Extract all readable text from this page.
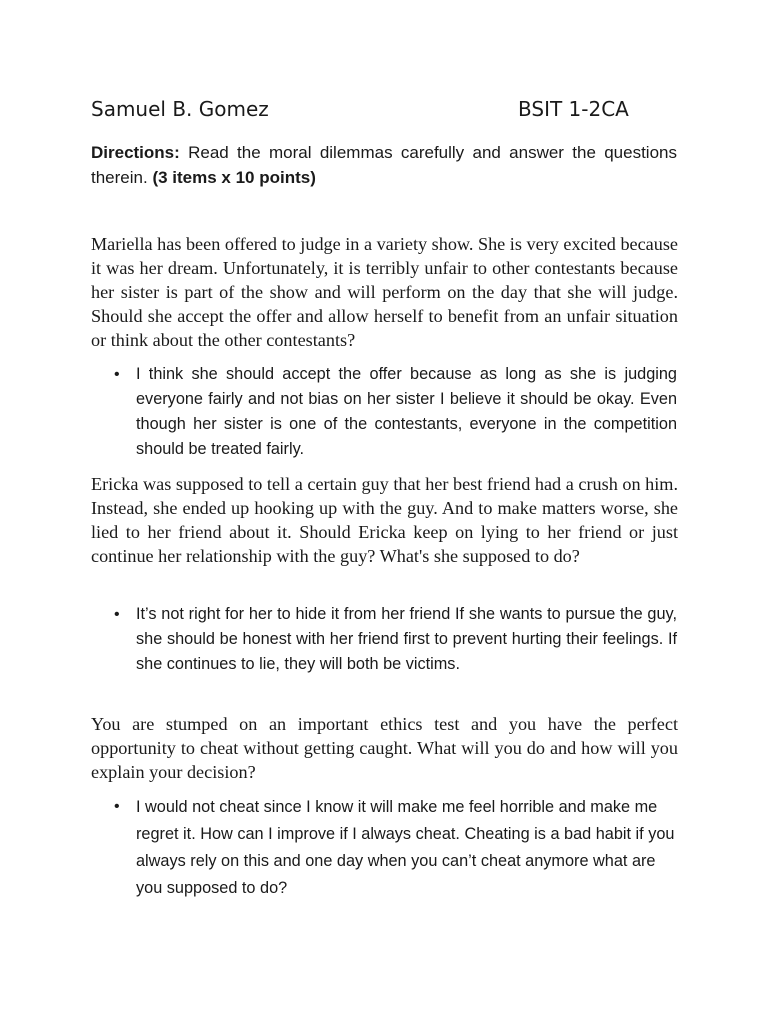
Samuel B. Gomez	BSIT 1-2CA
Directions: Read the moral dilemmas carefully and answer the questions therein. (3 items x 10 points)
Mariella has been offered to judge in a variety show. She is very excited because it was her dream. Unfortunately, it is terribly unfair to other contestants because her sister is part of the show and will perform on the day that she will judge. Should she accept the offer and allow herself to benefit from an unfair situation or think about the other contestants?
• I think she should accept the offer because as long as she is judging everyone fairly and not bias on her sister I believe it should be okay. Even though her sister is one of the contestants, everyone in the competition should be treated fairly.
Ericka was supposed to tell a certain guy that her best friend had a crush on him. Instead, she ended up hooking up with the guy. And to make matters worse, she lied to her friend about it. Should Ericka keep on lying to her friend or just continue her relationship with the guy? What's she supposed to do?
• It’s not right for her to hide it from her friend If she wants to pursue the guy, she should be honest with her friend first to prevent hurting their feelings. If she continues to lie, they will both be victims.
You are stumped on an important ethics test and you have the perfect opportunity to cheat without getting caught. What will you do and how will you explain your decision?
• I would not cheat since I know it will make me feel horrible and make me regret it. How can I improve if I always cheat. Cheating is a bad habit if you always rely on this and one day when you can’t cheat anymore what are you supposed to do?
